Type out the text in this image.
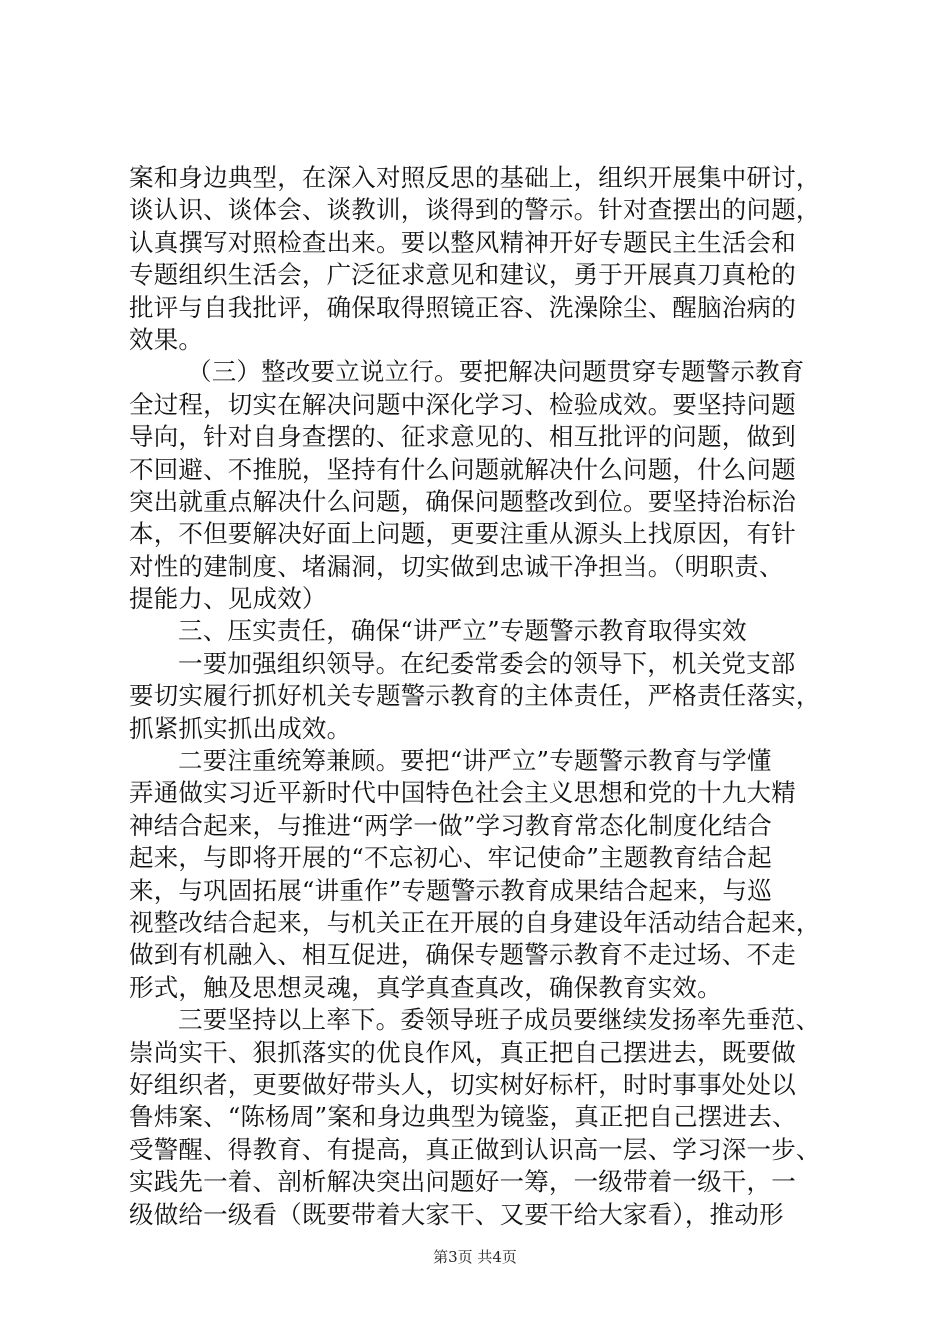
案和身边典型，在深入对照反思的基础上，组织开展集中研讨，
谈认识、谈体会、谈教训，谈得到的警示。针对查摆出的问题，
认真撰写对照检查出来。要以整风精神开好专题民主生活会和
专题组织生活会，广泛征求意见和建议，勇于开展真刀真枪的
批评与自我批评，确保取得照镜正容、洗澡除尘、醒脑治病的
效果。
（三）整改要立说立行。要把解决问题贯穿专题警示教育
全过程，切实在解决问题中深化学习、检验成效。要坚持问题
导向，针对自身查摆的、征求意见的、相互批评的问题，做到
不回避、不推脱，坚持有什么问题就解决什么问题，什么问题
突出就重点解决什么问题，确保问题整改到位。要坚持治标治
本，不但要解决好面上问题，更要注重从源头上找原因，有针
对性的建制度、堵漏洞，切实做到忠诚干净担当。（明职责、
提能力、见成效）
三、压实责任，确保“讲严立”专题警示教育取得实效
一要加强组织领导。在纪委常委会的领导下，机关党支部
要切实履行抓好机关专题警示教育的主体责任，严格责任落实，
抓紧抓实抓出成效。
二要注重统筹兼顾。要把“讲严立”专题警示教育与学懂
弄通做实习近平新时代中国特色社会主义思想和党的十九大精
神结合起来，与推进“两学一做”学习教育常态化制度化结合
起来，与即将开展的“不忘初心、牢记使命”主题教育结合起
来，与巩固拓展“讲重作”专题警示教育成果结合起来，与巡
视整改结合起来，与机关正在开展的自身建设年活动结合起来，
做到有机融入、相互促进，确保专题警示教育不走过场、不走
形式，触及思想灵魂，真学真查真改，确保教育实效。
三要坚持以上率下。委领导班子成员要继续发扬率先垂范、
崇尚实干、狠抓落实的优良作风，真正把自己摆进去，既要做
好组织者，更要做好带头人，切实树好标杆，时时事事处处以
鲁炜案、“陈杨周”案和身边典型为镜鉴，真正把自己摆进去、
受警醒、得教育、有提高，真正做到认识高一层、学习深一步、
实践先一着、剖析解决突出问题好一筹，一级带着一级干，一
级做给一级看（既要带着大家干、又要干给大家看），推动形
第3页 共4页
